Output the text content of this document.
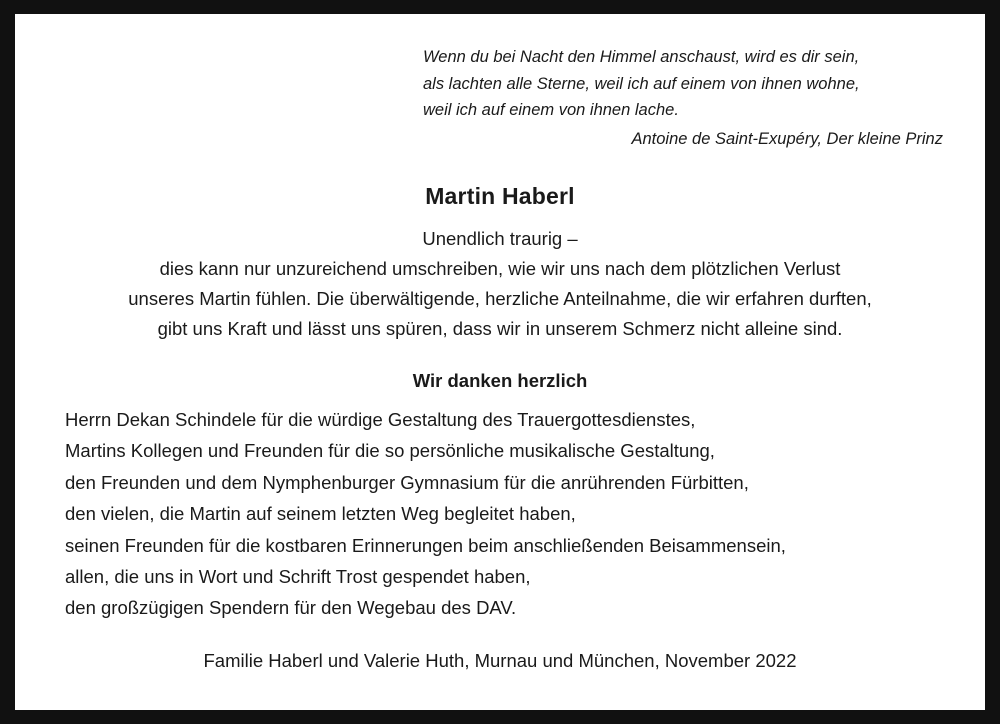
Wenn du bei Nacht den Himmel anschaust, wird es dir sein,
als lachten alle Sterne, weil ich auf einem von ihnen wohne,
weil ich auf einem von ihnen lache.
Antoine de Saint-Exupéry, Der kleine Prinz
Martin Haberl

Unendlich traurig –

dies kann nur unzureichend umschreiben, wie wir uns nach dem plötzlichen Verlust

unseres Martin fühlen. Die überwältigende, herzliche Anteilnahme, die wir erfahren durften,

gibt uns Kraft und lässt uns spüren, dass wir in unserem Schmerz nicht alleine sind.

Wir danken herzlich

Herrn Dekan Schindele für die würdige Gestaltung des Trauergottesdienstes,

Martins Kollegen und Freunden für die so persönliche musikalische Gestaltung,

den Freunden und dem Nymphenburger Gymnasium für die anrührenden Fürbitten,

den vielen, die Martin auf seinem letzten Weg begleitet haben,

seinen Freunden für die kostbaren Erinnerungen beim anschließenden Beisammensein,

allen, die uns in Wort und Schrift Trost gespendet haben,

den großzügigen Spendern für den Wegebau des DAV.

Familie Haberl und Valerie Huth, Murnau und München, November 2022
